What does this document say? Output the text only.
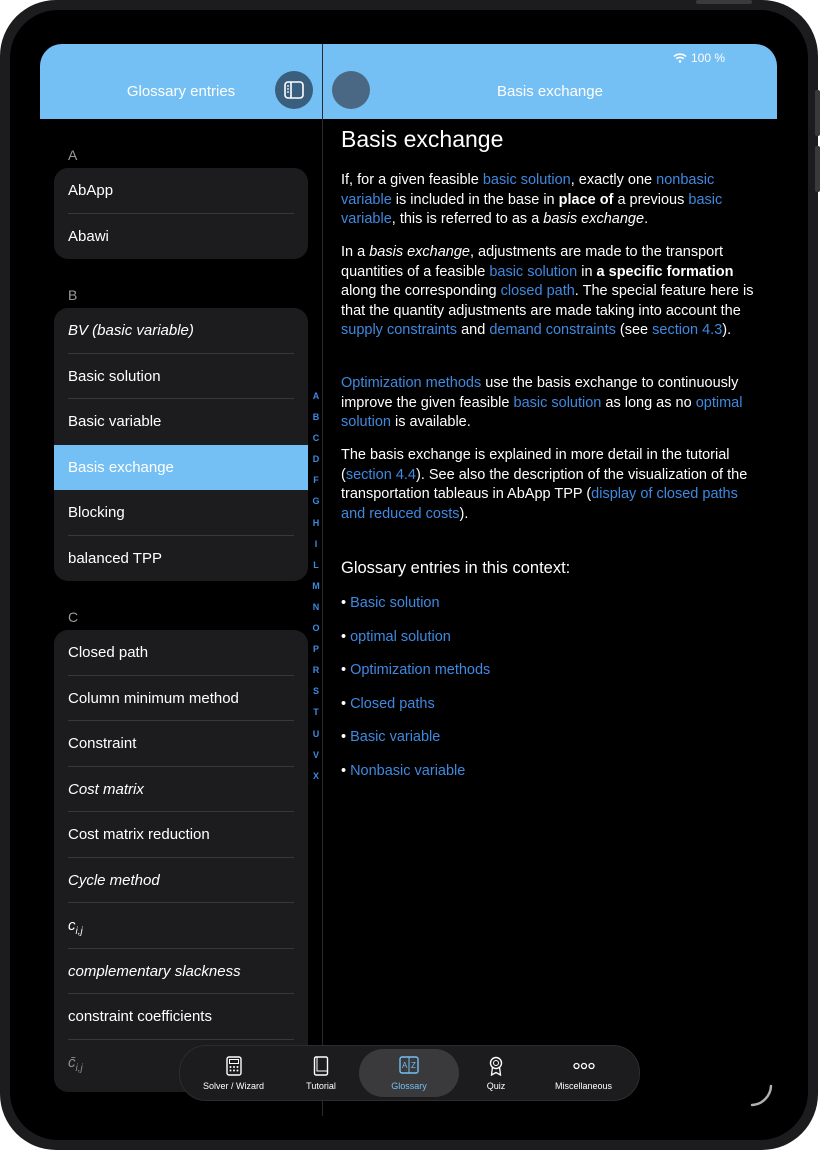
100 %
Glossary entries	Basis exchange
A
AbApp
Abawi
B
BV (basic variable)
Basic solution
Basic variable
Basis exchange
Blocking
balanced TPP
C
Closed path
Column minimum method
Constraint
Cost matrix
Cost matrix reduction
Cycle method
$c_{i,j}$
complementary slackness
constraint coefficients
$c̄_{i,j}$
A
B
C
D
F
G
H
I
L
M
N
O
P
R
S
T
U
V
X
Basis exchange
If, for a given feasible basic solution, exactly one nonbasic variable is included in the base in place of a previous basic variable, this is referred to as a basis exchange.
In a basis exchange, adjustments are made to the transport quantities of a feasible basic solution in a specific formation along the corresponding closed path. The special feature here is that the quantity adjustments are made taking into account the supply constraints and demand constraints (see section 4.3).
Optimization methods use the basis exchange to continuously improve the given feasible basic solution as long as no optimal solution is available.
The basis exchange is explained in more detail in the tutorial (section 4.4). See also the description of the visualization of the transportation tableaus in AbApp TPP (display of closed paths and reduced costs).
Glossary entries in this context:
• Basic solution
• optimal solution
• Optimization methods
• Closed paths
• Basic variable
• Nonbasic variable
Solver / Wizard	Tutorial
A Z
Glossary	Quiz	Miscellaneous
